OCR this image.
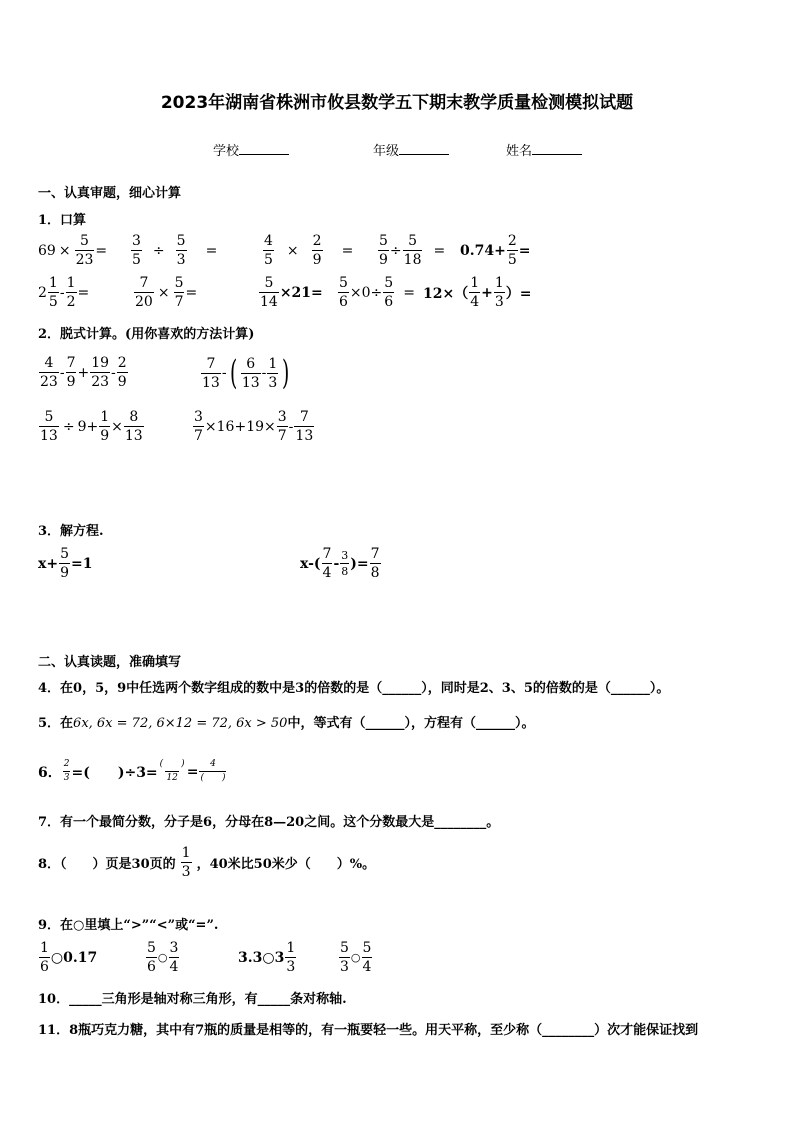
2023年湖南省株洲市攸县数学五下期末教学质量检测模拟试题
学校	年级	姓名
一、认真审题，细心计算
1．口算
$69 \times \frac{5}{23} = \frac{3}{5} \div \frac{5}{3}$ =	$\frac{4}{5} \times \frac{2}{9} = \frac{5}{9} \div \frac{5}{18} = 0.74+ \frac{2}{5}$ =
$2 \frac{1}{5} - \frac{1}{2}$ =	$\frac{7}{20} \times \frac{5}{7}$ =	$\frac{5}{14} \times 21= \frac{5}{6} \times 0\div \frac{5}{6} = 12\times( \frac{1}{4} + \frac{1}{3}$ ）=
2．脱式计算。(用你喜欢的方法计算)
$\frac{4}{23} - \frac{7}{9} + \frac{19}{23} - \frac{2}{9}$	$\frac{7}{13}$ - ( $\frac{6}{13} - \frac{1}{3}$ )
$\frac{5}{13} \div 9 + \frac{1}{9} \times \frac{8}{13}$	$\frac{3}{7} \times 16+19\times \frac{3}{7} - \frac{7}{13}$
3．解方程.
$x+ \frac{5}{9} =1$	$x-( \frac{7}{4} - \frac{3}{8}$ )= $\frac{7}{8}$
二、认真读题，准确填写
4．在0，5，9中任选两个数字组成的数中是3的倍数的是（______），同时是2、3、5的倍数的是（______）。
5．在6x, 6x = 72, 6×12 = 72, 6x > 50中，等式有（______），方程有（______）。
6． $\frac{2}{3}$ =(　　)$\div 3= \frac{( )}{12} = \frac{4}{( )}$
7．有一个最简分数，分子是6，分母在8—20之间。这个分数最大是________。
8．（　　）页是30页的 $\frac{1}{3}$ ，40米比50米少（　　）%。
9．在○里填上“>”“<”或“=”.
$\frac{1}{6}$ ○0.17	$\frac{5}{6}$ ○ $\frac{3}{4}$	3.3○3 $\frac{1}{3}$	$\frac{5}{3}$ ○ $\frac{5}{4}$
10．_____三角形是轴对称三角形，有_____条对称轴.
11．8瓶巧克力糖，其中有7瓶的质量是相等的，有一瓶要轻一些。用天平称，至少称（________）次才能保证找到
